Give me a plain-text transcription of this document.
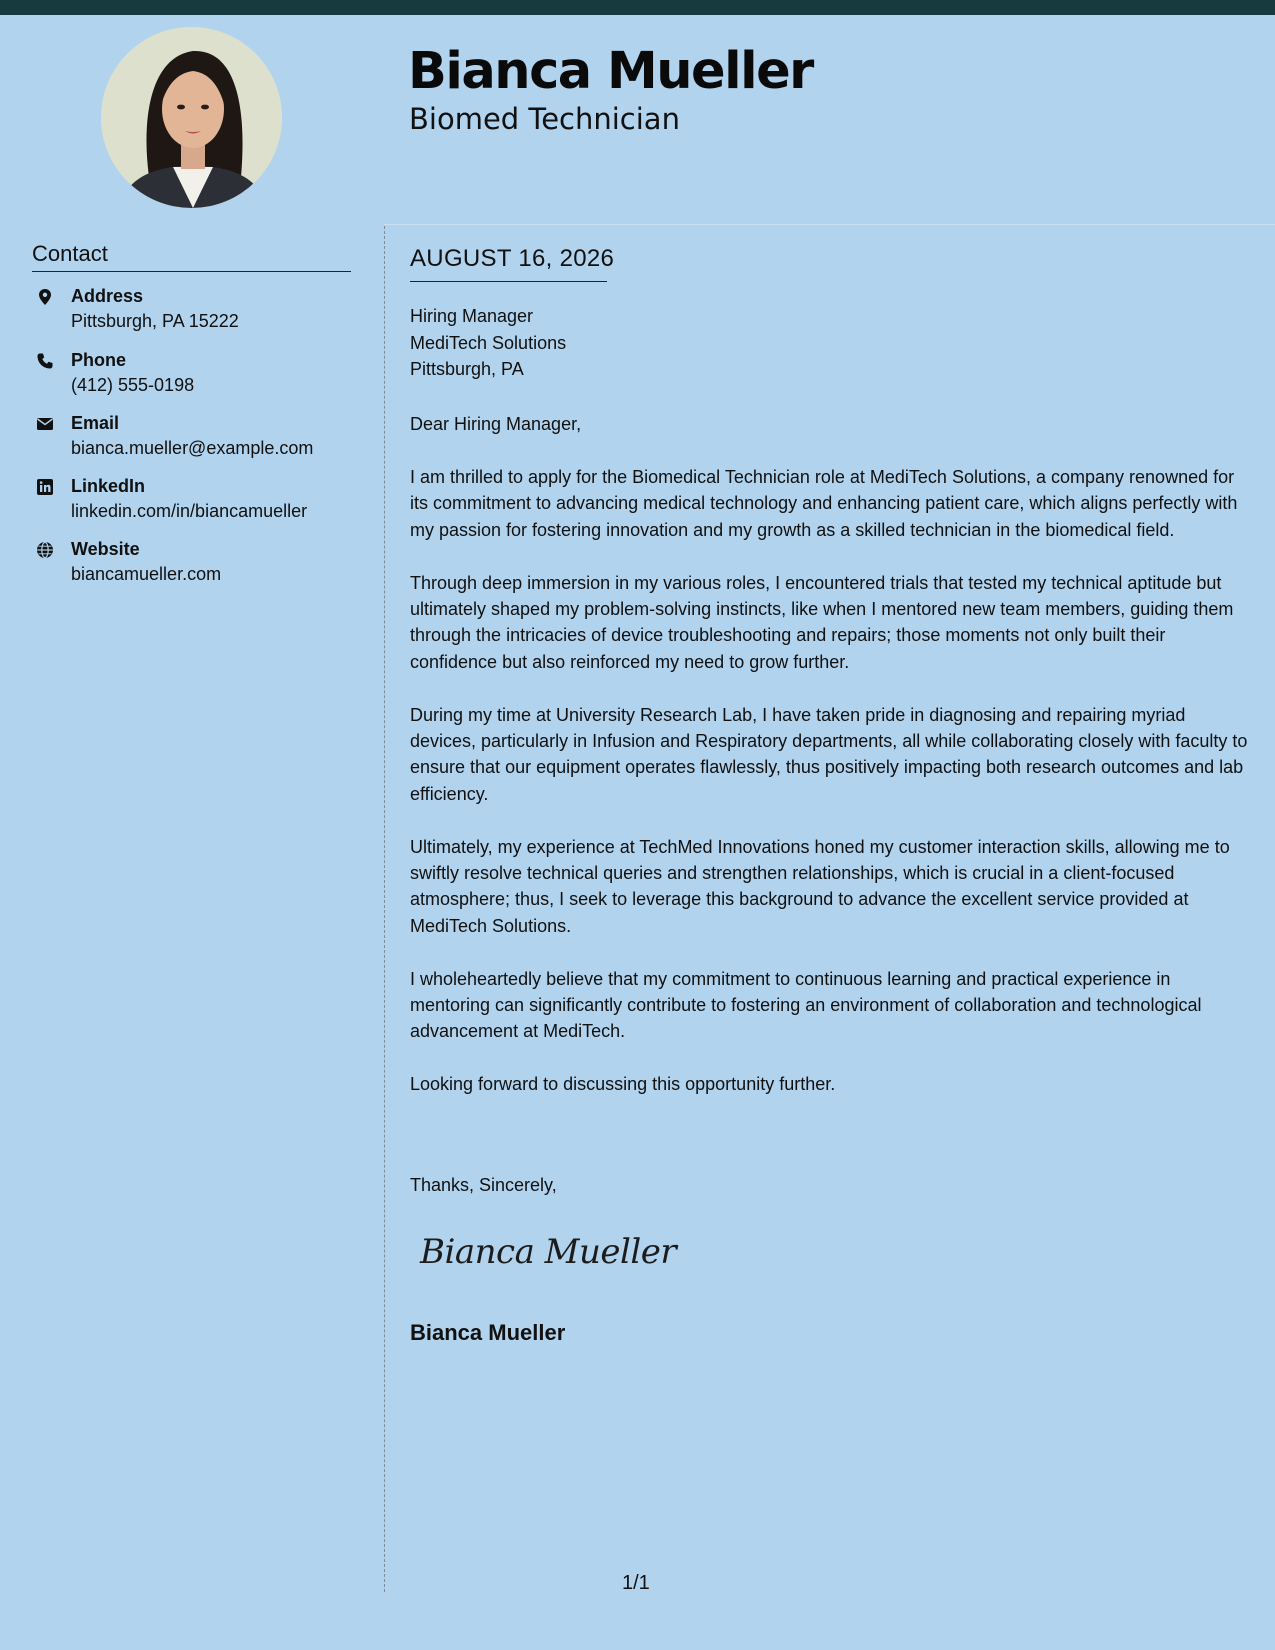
Bianca Mueller
Biomed Technician
Contact
Address
Pittsburgh, PA 15222
Phone
(412) 555-0198
Email
bianca.mueller@example.com
LinkedIn
linkedin.com/in/biancamueller
Website
biancamueller.com
AUGUST 16, 2026
Hiring Manager
MediTech Solutions
Pittsburgh, PA
Dear Hiring Manager,

I am thrilled to apply for the Biomedical Technician role at MediTech Solutions, a company renowned for its commitment to advancing medical technology and enhancing patient care, which aligns perfectly with my passion for fostering innovation and my growth as a skilled technician in the biomedical field.

Through deep immersion in my various roles, I encountered trials that tested my technical aptitude but ultimately shaped my problem-solving instincts, like when I mentored new team members, guiding them through the intricacies of device troubleshooting and repairs; those moments not only built their confidence but also reinforced my need to grow further.

During my time at University Research Lab, I have taken pride in diagnosing and repairing myriad devices, particularly in Infusion and Respiratory departments, all while collaborating closely with faculty to ensure that our equipment operates flawlessly, thus positively impacting both research outcomes and lab efficiency.

Ultimately, my experience at TechMed Innovations honed my customer interaction skills, allowing me to swiftly resolve technical queries and strengthen relationships, which is crucial in a client-focused atmosphere; thus, I seek to leverage this background to advance the excellent service provided at MediTech Solutions.

I wholeheartedly believe that my commitment to continuous learning and practical experience in mentoring can significantly contribute to fostering an environment of collaboration and technological advancement at MediTech.

Looking forward to discussing this opportunity further.

Thanks, Sincerely,
Bianca Mueller
Bianca Mueller
1/1
